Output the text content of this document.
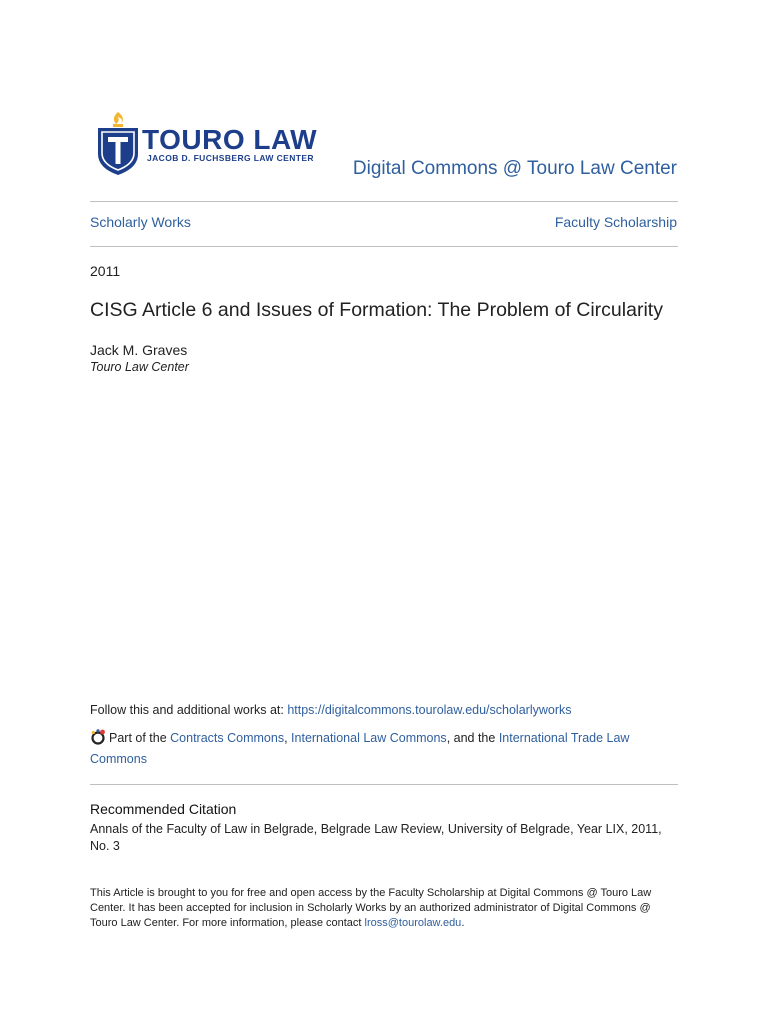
TOURO LAW
JACOB D. FUCHSBERG LAW CENTER Digital Commons @ Touro Law Center
Scholarly Works	Faculty Scholarship
2011
CISG Article 6 and Issues of Formation: The Problem of Circularity
Jack M. Graves
Touro Law Center
Follow this and additional works at: https://digitalcommons.tourolaw.edu/scholarlyworks
Part of the Contracts Commons, International Law Commons, and the International Trade Law Commons
Recommended Citation
Annals of the Faculty of Law in Belgrade, Belgrade Law Review, University of Belgrade, Year LIX, 2011, No. 3
This Article is brought to you for free and open access by the Faculty Scholarship at Digital Commons @ Touro Law Center. It has been accepted for inclusion in Scholarly Works by an authorized administrator of Digital Commons @ Touro Law Center. For more information, please contact lross@tourolaw.edu.
